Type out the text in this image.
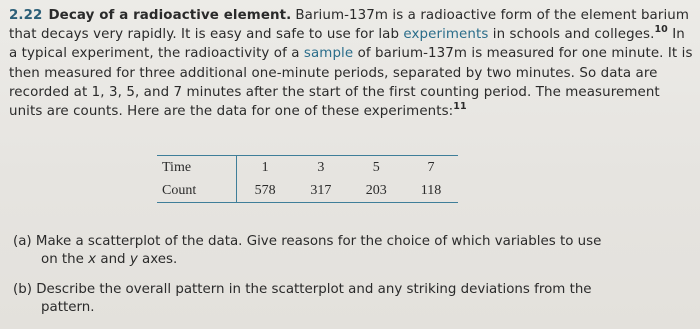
2.22 Decay of a radioactive element. Barium-137m is a radioactive form of the element barium that decays very rapidly. It is easy and safe to use for lab experiments in schools and colleges.$^{10}$ In a typical experiment, the radioactivity of a sample of barium-137m is measured for one minute. It is then measured for three additional one-minute periods, separated by two minutes. So data are recorded at 1, 3, 5, and 7 minutes after the start of the first counting period. The measurement units are counts. Here are the data for one of these experiments:$^{11}$
Time	1	3	5	7
Count	578	317	203	118
(a) Make a scatterplot of the data. Give reasons for the choice of which variables to use
on the x and y axes.
(b) Describe the overall pattern in the scatterplot and any striking deviations from the
pattern.
